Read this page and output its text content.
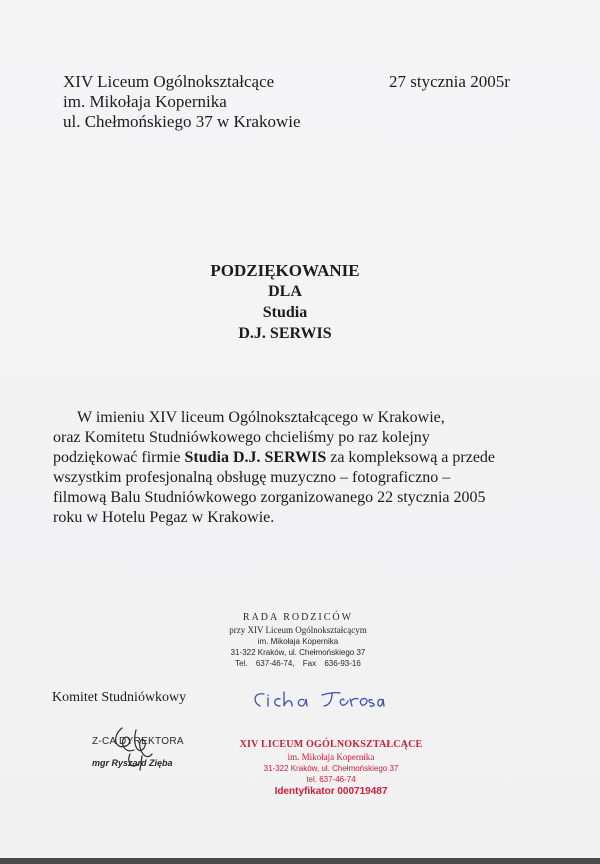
XIV Liceum Ogólnokształcące
im. Mikołaja Kopernika
ul. Chełmońskiego 37 w Krakowie
27 stycznia 2005r
PODZIĘKOWANIE
DLA
Studia
D.J. SERWIS
W imieniu XIV liceum Ogólnokształcącego w Krakowie,
oraz Komitetu Studniówkowego chcieliśmy po raz kolejny
podziękować firmie Studia D.J. SERWIS za kompleksową a przede
wszystkim profesjonalną obsługę muzyczno – fotograficzno –
filmową Balu Studniówkowego zorganizowanego 22 stycznia 2005
roku w Hotelu Pegaz w Krakowie.
RADA RODZICÓW
przy XIV Liceum Ogólnokształcącym
im. Mikołaja Kopernika
31-322 Kraków, ul. Chełmońskiego 37
Tel. 637-46-74, Fax 636-93-16
Komitet Studniówkowy
Z-CA DYREKTORA
mgr Ryszard Zięba
XIV LICEUM OGÓLNOKSZTAŁCĄCE
im. Mikołaja Kopernika
31-322 Kraków, ul. Chełmońskiego 37
tel. 637-46-74
Identyfikator 000719487
